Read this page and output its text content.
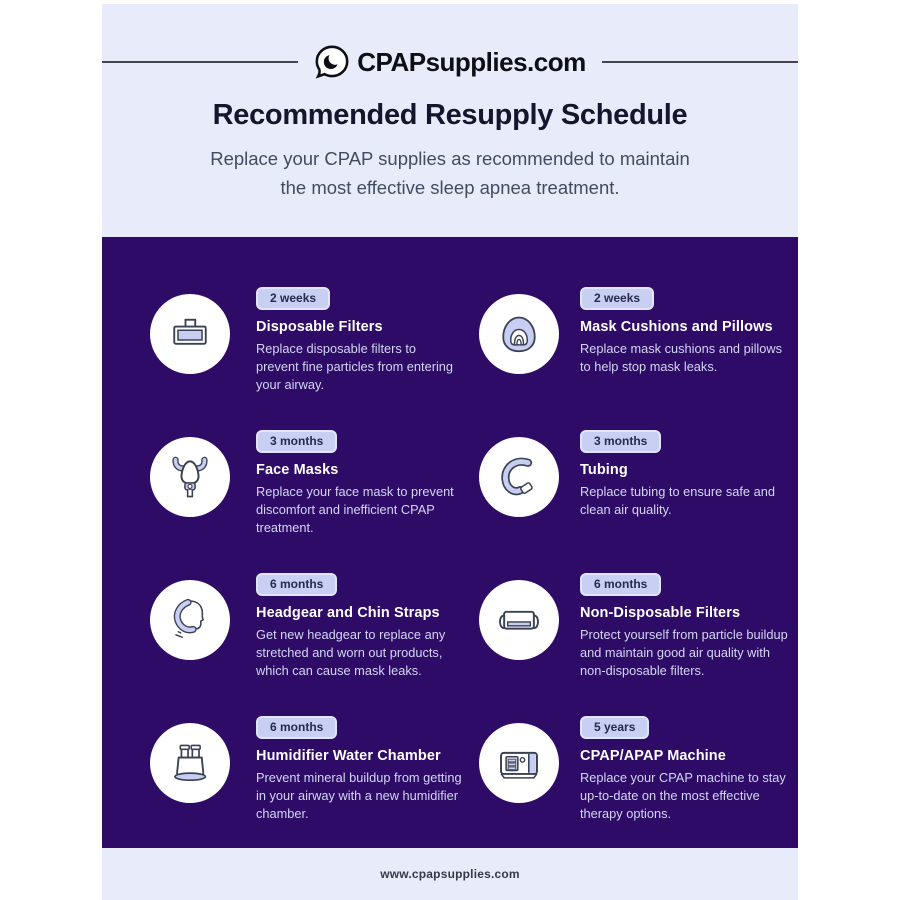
CPAPsupplies.com
Recommended Resupply Schedule
Replace your CPAP supplies as recommended to maintain
the most effective sleep apnea treatment.
2 weeks
Disposable Filters
Replace disposable filters to prevent fine particles from entering your airway.
2 weeks
Mask Cushions and Pillows
Replace mask cushions and pillows to help stop mask leaks.
3 months
Face Masks
Replace your face mask to prevent discomfort and inefficient CPAP treatment.
3 months
Tubing
Replace tubing to ensure safe and clean air quality.
6 months
Headgear and Chin Straps
Get new headgear to replace any stretched and worn out products, which can cause mask leaks.
6 months
Non-Disposable Filters
Protect yourself from particle buildup and maintain good air quality with non-disposable filters.
6 months
Humidifier Water Chamber
Prevent mineral buildup from getting in your airway with a new humidifier chamber.
5 years
CPAP/APAP Machine
Replace your CPAP machine to stay up-to-date on the most effective therapy options.
www.cpapsupplies.com
